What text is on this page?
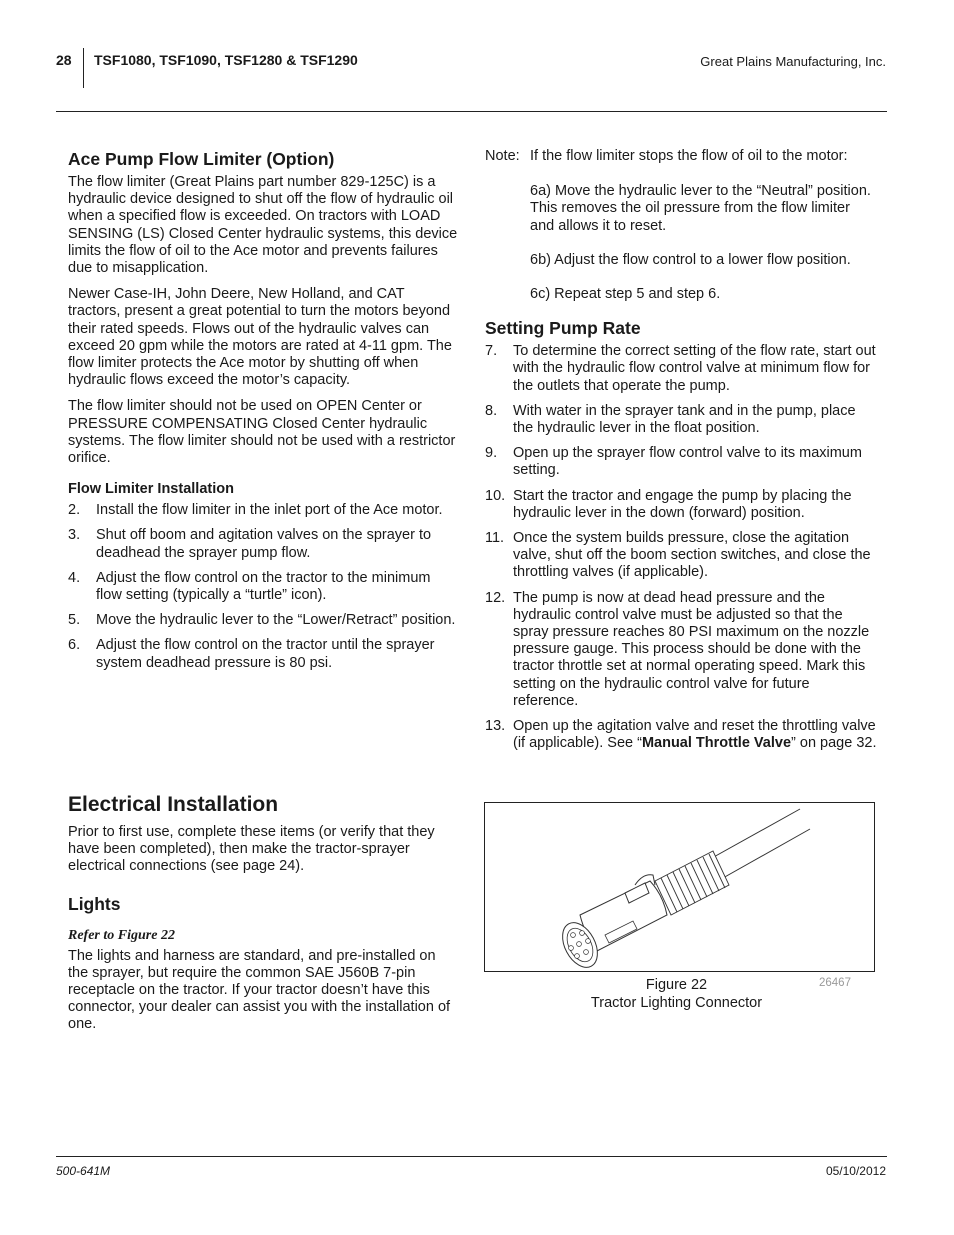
28 TSF1080, TSF1090, TSF1280 & TSF1290	Great Plains Manufacturing, Inc.
Ace Pump Flow Limiter (Option)

The flow limiter (Great Plains part number 829-125C) is a hydraulic device designed to shut off the flow of hydraulic oil when a specified flow is exceeded. On tractors with LOAD SENSING (LS) Closed Center hydraulic systems, this device limits the flow of oil to the Ace motor and prevents failures due to misapplication.

Newer Case-IH, John Deere, New Holland, and CAT tractors, present a great potential to turn the motors beyond their rated speeds. Flows out of the hydraulic valves can exceed 20 gpm while the motors are rated at 4-11 gpm. The flow limiter protects the Ace motor by shutting off when hydraulic flows exceed the motor’s capacity.

The flow limiter should not be used on OPEN Center or PRESSURE COMPENSATING Closed Center hydraulic systems. The flow limiter should not be used with a restrictor orifice.

Flow Limiter Installation
2. Install the flow limiter in the inlet port of the Ace motor.
3. Shut off boom and agitation valves on the sprayer to deadhead the sprayer pump flow.
4. Adjust the flow control on the tractor to the minimum flow setting (typically a “turtle” icon).
5. Move the hydraulic lever to the “Lower/Retract” position.
6. Adjust the flow control on the tractor until the sprayer system deadhead pressure is 80 psi.
Electrical Installation

Prior to first use, complete these items (or verify that they have been completed), then make the tractor-sprayer electrical connections (see page 24).

Lights

Refer to Figure 22

The lights and harness are standard, and pre-installed on the sprayer, but require the common SAE J560B 7-pin receptacle on the tractor. If your tractor doesn’t have this connector, your dealer can assist you with the installation of one.

Note: If the flow limiter stops the flow of oil to the motor:

6a) Move the hydraulic lever to the “Neutral” position. This removes the oil pressure from the flow limiter and allows it to reset.

6b) Adjust the flow control to a lower flow position.

6c) Repeat step 5 and step 6.

Setting Pump Rate
7. To determine the correct setting of the flow rate, start out with the hydraulic flow control valve at minimum flow for the outlets that operate the pump.
8. With water in the sprayer tank and in the pump, place the hydraulic lever in the float position.
9. Open up the sprayer flow control valve to its maximum setting.
10. Start the tractor and engage the pump by placing the hydraulic lever in the down (forward) position.
11. Once the system builds pressure, close the agitation valve, shut off the boom section switches, and close the throttling valves (if applicable).
12. The pump is now at dead head pressure and the hydraulic control valve must be adjusted so that the spray pressure reaches 80 PSI maximum on the nozzle pressure gauge. This process should be done with the tractor throttle set at normal operating speed. Mark this setting on the hydraulic control valve for future reference.
13. Open up the agitation valve and reset the throttling valve (if applicable). See “Manual Throttle Valve” on page 32.
Figure 22
Tractor Lighting Connector
26467
500-641M	05/10/2012
